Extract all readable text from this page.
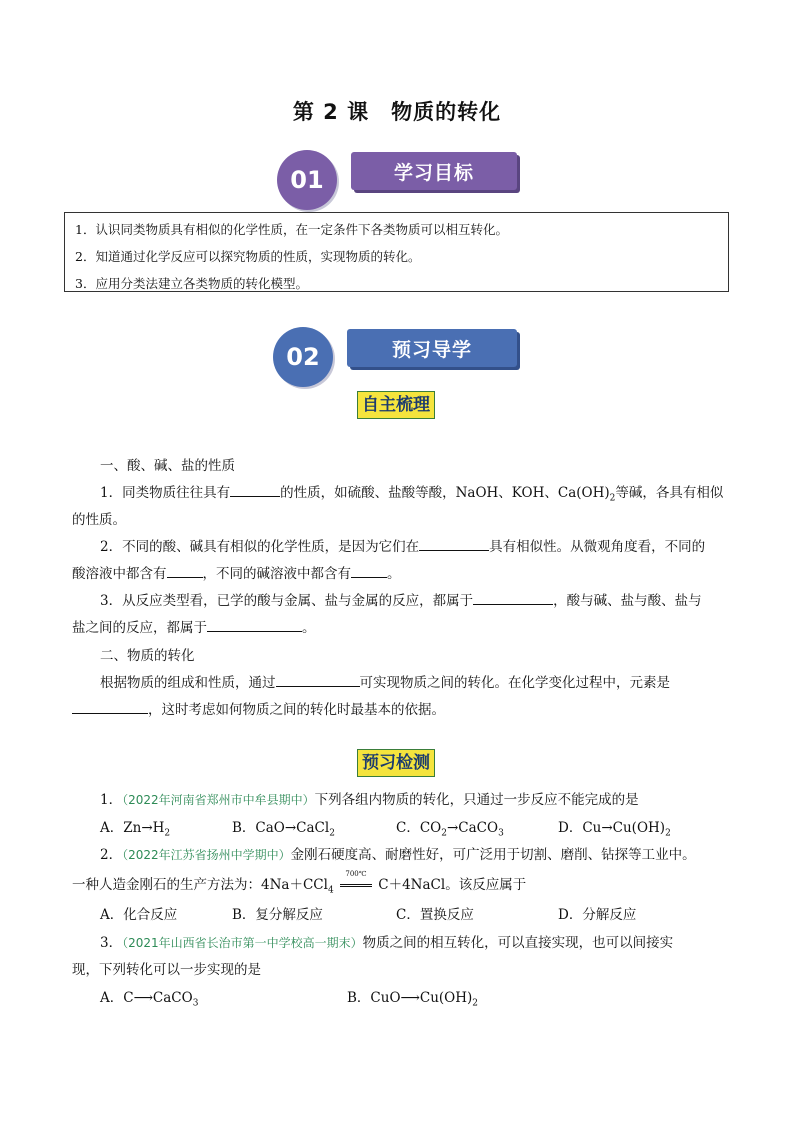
第 2 课　物质的转化
学习目标
01
1．认识同类物质具有相似的化学性质，在一定条件下各类物质可以相互转化。
2．知道通过化学反应可以探究物质的性质，实现物质的转化。
3．应用分类法建立各类物质的转化模型。
预习导学
02
自主梳理
一、酸、碱、盐的性质
1．同类物质往往具有	的性质，如硫酸、盐酸等酸，NaOH、KOH、$Ca(OH)_2$等碱，各具有相似
的性质。
2．不同的酸、碱具有相似的化学性质，是因为它们在	具有相似性。从微观角度看，不同的
酸溶液中都含有	，不同的碱溶液中都含有	。
3．从反应类型看，已学的酸与金属、盐与金属的反应，都属于	，酸与碱、盐与酸、盐与
盐之间的反应，都属于	。
二、物质的转化
根据物质的组成和性质，通过	可实现物质之间的转化。在化学变化过程中，元素是
，这时考虑如何物质之间的转化时最基本的依据。
预习检测
1．（2022年河南省郑州市中牟县期中）下列各组内物质的转化，只通过一步反应不能完成的是
A．$Zn\to H_2$	B．CaO→CaCl$_2$	C．$CO_2\to CaCO_3$	D．$Cu\to Cu(OH)_2$
2．（2022年江苏省扬州中学期中）金刚石硬度高、耐磨性好，可广泛用于切割、磨削、钻探等工业中。
一种人造金刚石的生产方法为：4Na＋CCl$_4$
700℃
C＋4NaCl。该反应属于
A．化合反应	B．复分解反应	C．置换反应	D．分解反应
3．（2021年山西省长治市第一中学校高一期末）物质之间的相互转化，可以直接实现，也可以间接实
现，下列转化可以一步实现的是
A．C⟶CaCO$_3$	B．$CuO⟶Cu(OH)_2$
